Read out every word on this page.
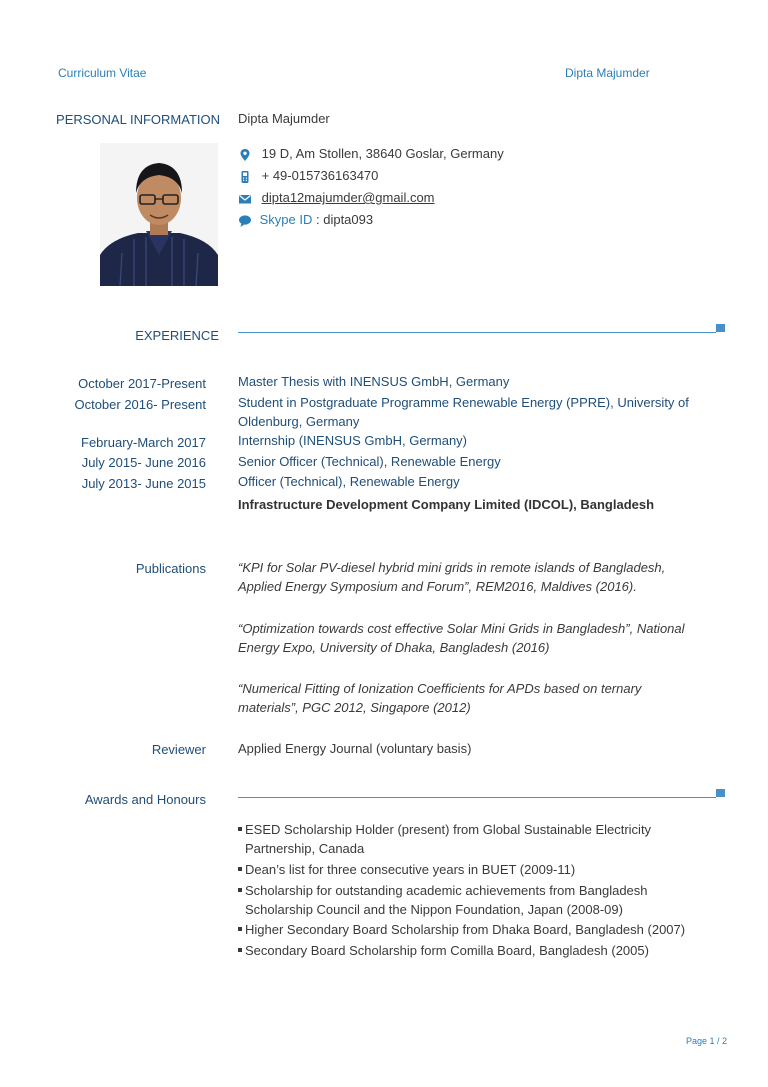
Curriculum Vitae	Dipta Majumder
PERSONAL INFORMATION Dipta Majumder
19 D, Am Stollen, 38640 Goslar, Germany
+ 49-015736163470
dipta12majumder@gmail.com
Skype ID : dipta093
EXPERIENCE
October 2017-Present Master Thesis with INENSUS GmbH, Germany
October 2016- Present Student in Postgraduate Programme Renewable Energy (PPRE), University of
Oldenburg, Germany
February-March 2017 Internship (INENSUS GmbH, Germany)
July 2015- June 2016 Senior Officer (Technical), Renewable Energy
July 2013- June 2015 Officer (Technical), Renewable Energy
Infrastructure Development Company Limited (IDCOL), Bangladesh
Publications “KPI for Solar PV-diesel hybrid mini grids in remote islands of Bangladesh,
Applied Energy Symposium and Forum”, REM2016, Maldives (2016).
“Optimization towards cost effective Solar Mini Grids in Bangladesh”, National
Energy Expo, University of Dhaka, Bangladesh (2016)
“Numerical Fitting of Ionization Coefficients for APDs based on ternary
materials”, PGC 2012, Singapore (2012)
Reviewer Applied Energy Journal (voluntary basis)
Awards and Honours
ESED Scholarship Holder (present) from Global Sustainable Electricity
Partnership, Canada
Dean’s list for three consecutive years in BUET (2009-11)
Scholarship for outstanding academic achievements from Bangladesh
Scholarship Council and the Nippon Foundation, Japan (2008-09)
Higher Secondary Board Scholarship from Dhaka Board, Bangladesh (2007)
Secondary Board Scholarship form Comilla Board, Bangladesh (2005)
Page 1 / 2
